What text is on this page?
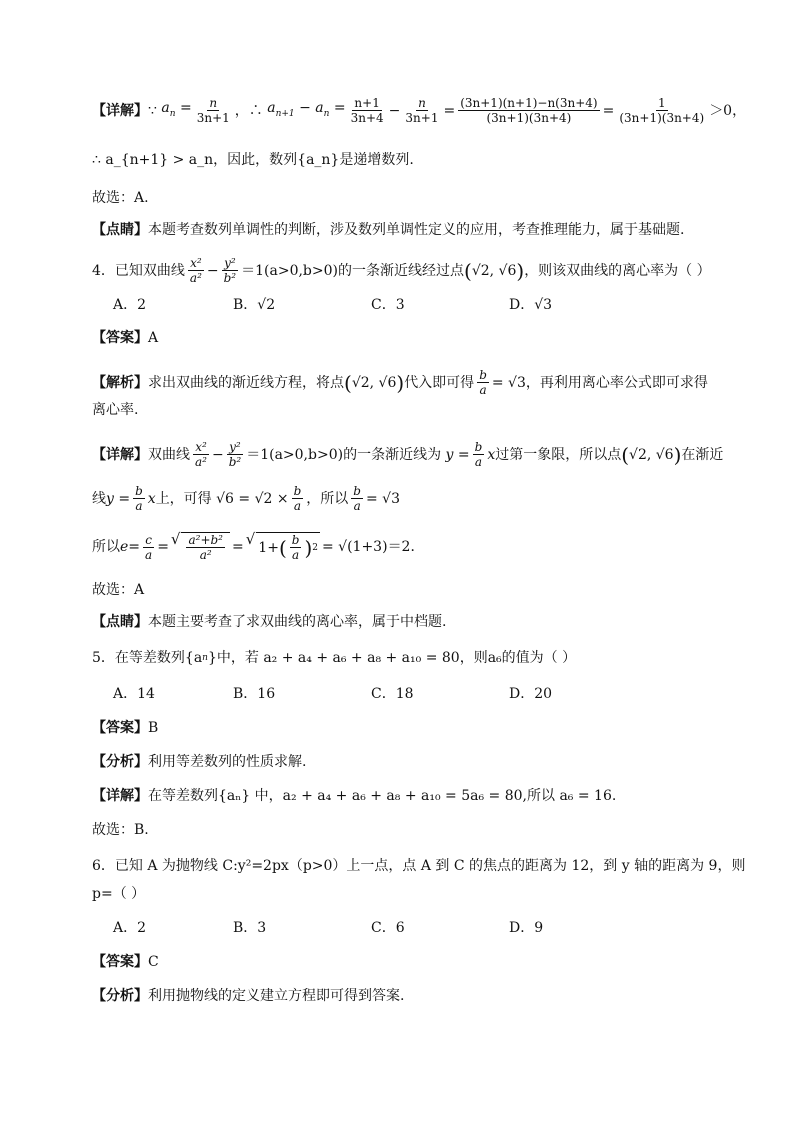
【详解】 ∵ $a_n = \frac{n}{3n+1}$ ，∴ $a_{n+1} - a_n = \frac{n+1}{3n+4} - \frac{n}{3n+1} = \frac{(3n+1)(n+1)-n(3n+4)}{(3n+1)(3n+4)} = \frac{1}{(3n+1)(3n+4)} >0$，
∴ a_{n+1} > a_n，因此，数列{a_n}是递增数列.
故选：A.
【点睛】 本题考查数列单调性的判断，涉及数列单调性定义的应用，考查推理能力，属于基础题.
4．已知双曲线 $\frac{\text{x²}}{\text{a²}} - \frac{\text{y²}}{\text{b²}} =1(a>0,b>0)$的一条渐近线经过点 ( √2, √6 ) ，则该双曲线的离心率为（ ）
A．2	B．√2	C．3	D．√3
【答案】 A
【解析】 求出双曲线的渐近线方程，将点 ( √2, √6 ) 代入即可得 $\frac{b}{a} = √3$ ，再利用离心率公式即可求得
离心率.
【详解】 双曲线 $\frac{\text{x²}}{\text{a²}} - \frac{\text{y²}}{\text{b²}} =1(a>0,b>0)$的一条渐近线为 $y = \frac{b}{a}$ x 过第一象限，所以点 ( √2, √6 ) 在渐近
线 $y = \frac{b}{a}$ x 上，可得 $√6 = √2 \times \frac{b}{a}$ ，所以 $\frac{b}{a} = √3$
所以 $e = \frac{c}{a}$ = √ $\frac{\text{a²+b²}}{\text{a²}}$ = √ 1+ ( $\frac{b}{a}$ ) 2 = √(1+3) ＝2．
故选：A
【点睛】 本题主要考查了求双曲线的离心率，属于中档题.
5．在等差数列{a n }中，若 a₂ + a₄ + a₆ + a₈ + a₁₀ = 80，则a₆的值为（ ）
A．14	B．16	C．18	D．20
【答案】 B
【分析】 利用等差数列的性质求解.
【详解】 在等差数列{aₙ} 中，a₂ + a₄ + a₆ + a₈ + a₁₀ = 5a₆ = 80,所以 a₆ = 16.
故选：B.
6．已知 A 为抛物线 C:y²=2px（p>0）上一点，点 A 到 C 的焦点的距离为 12，到 y 轴的距离为 9，则
p=（ ）
A．2	B．3	C．6	D．9
【答案】 C
【分析】 利用抛物线的定义建立方程即可得到答案.
